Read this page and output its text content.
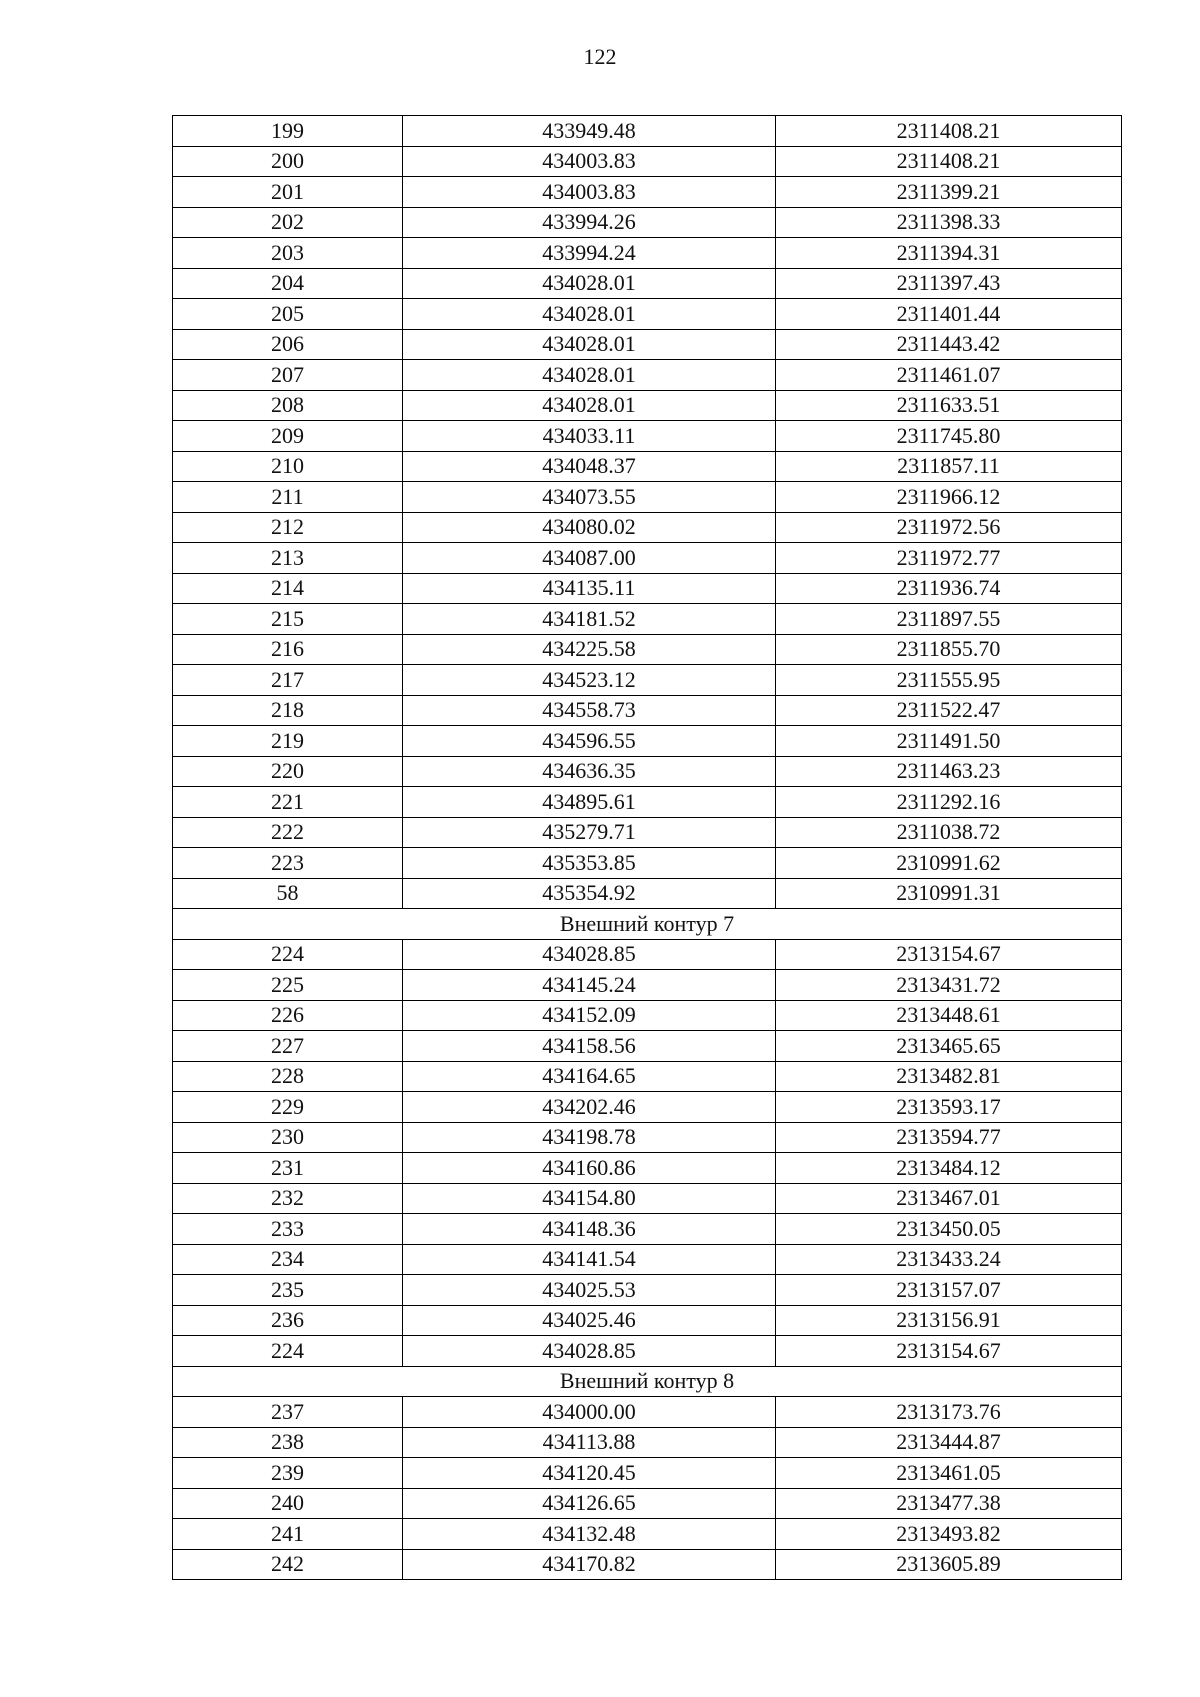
122
199	433949.48	2311408.21
200	434003.83	2311408.21
201	434003.83	2311399.21
202	433994.26	2311398.33
203	433994.24	2311394.31
204	434028.01	2311397.43
205	434028.01	2311401.44
206	434028.01	2311443.42
207	434028.01	2311461.07
208	434028.01	2311633.51
209	434033.11	2311745.80
210	434048.37	2311857.11
211	434073.55	2311966.12
212	434080.02	2311972.56
213	434087.00	2311972.77
214	434135.11	2311936.74
215	434181.52	2311897.55
216	434225.58	2311855.70
217	434523.12	2311555.95
218	434558.73	2311522.47
219	434596.55	2311491.50
220	434636.35	2311463.23
221	434895.61	2311292.16
222	435279.71	2311038.72
223	435353.85	2310991.62
58	435354.92	2310991.31
Внешний контур 7		
224	434028.85	2313154.67
225	434145.24	2313431.72
226	434152.09	2313448.61
227	434158.56	2313465.65
228	434164.65	2313482.81
229	434202.46	2313593.17
230	434198.78	2313594.77
231	434160.86	2313484.12
232	434154.80	2313467.01
233	434148.36	2313450.05
234	434141.54	2313433.24
235	434025.53	2313157.07
236	434025.46	2313156.91
224	434028.85	2313154.67
Внешний контур 8		
237	434000.00	2313173.76
238	434113.88	2313444.87
239	434120.45	2313461.05
240	434126.65	2313477.38
241	434132.48	2313493.82
242	434170.82	2313605.89
